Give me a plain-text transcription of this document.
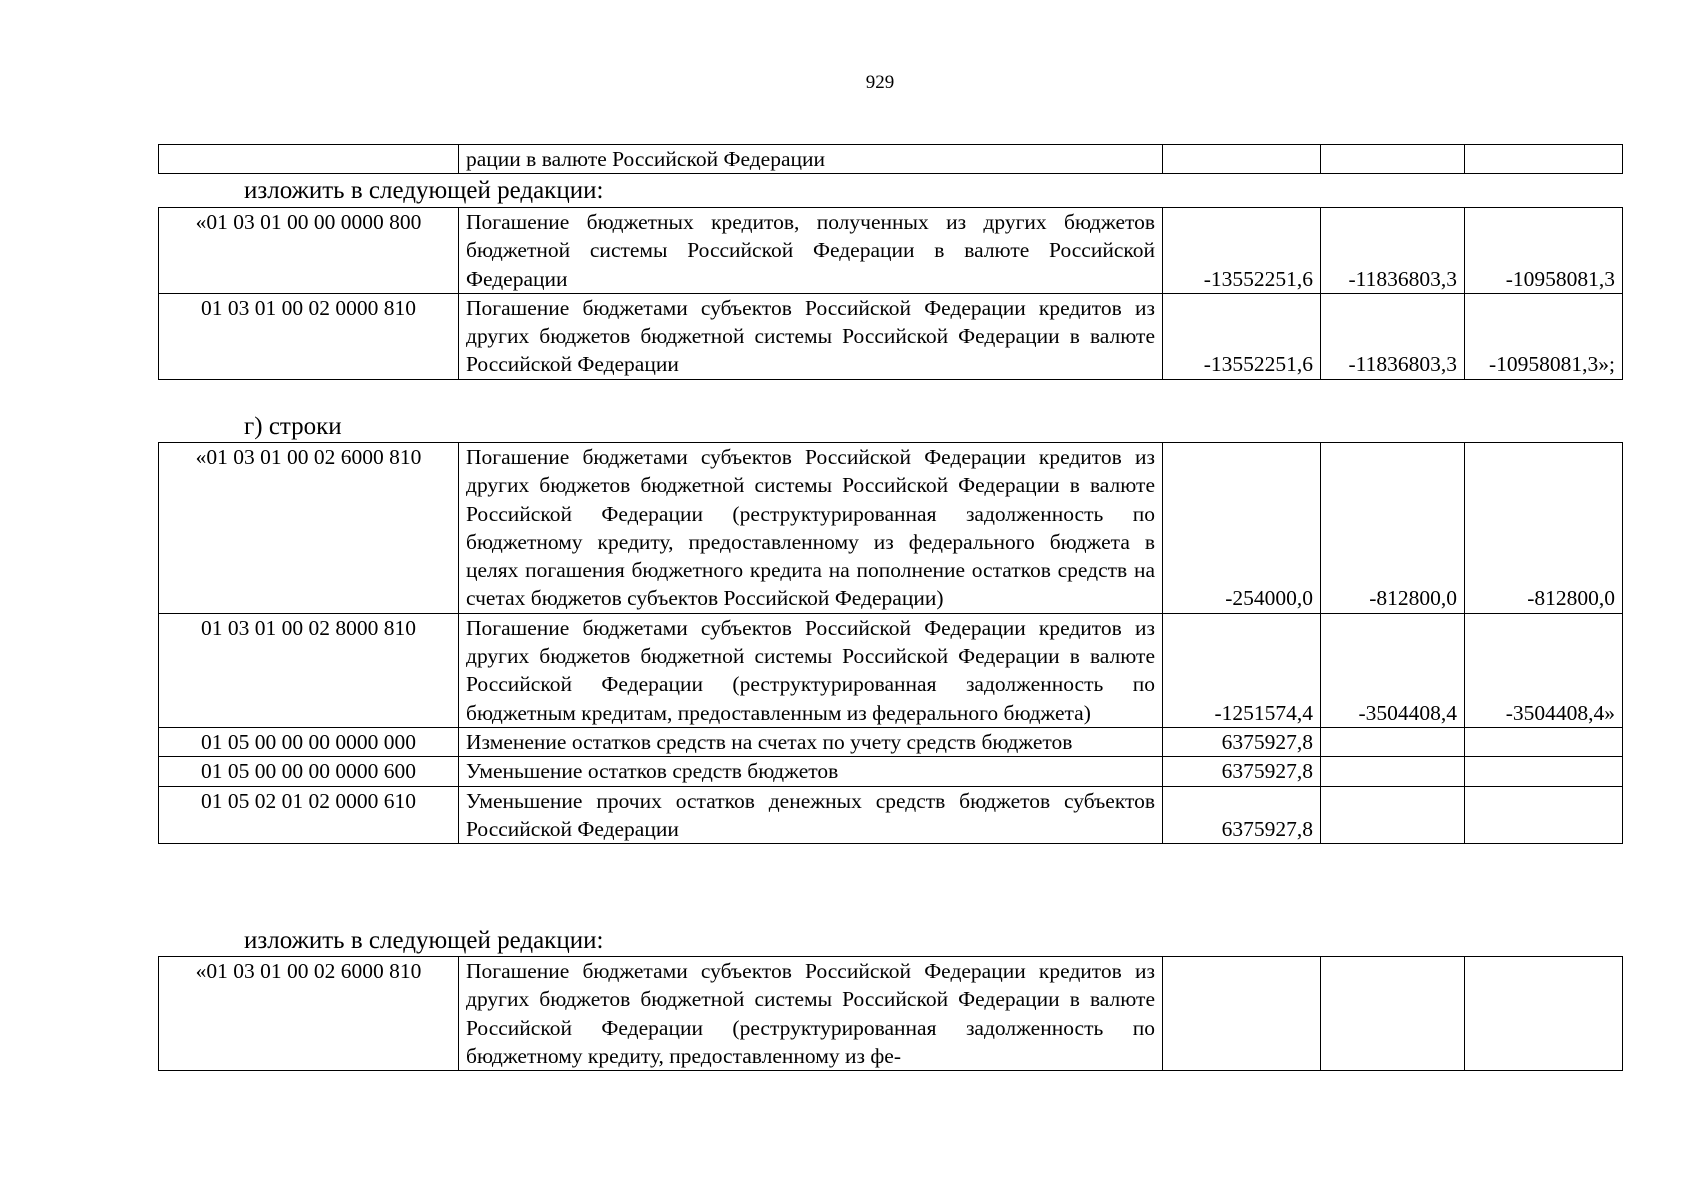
929
	рации в валюте Российской Федерации			
изложить в следующей редакции:
«01 03 01 00 00 0000 800	Погашение бюджетных кредитов, полученных из других бюджетов бюджетной системы Российской Федерации в валюте Российской Федерации	-13552251,6	-11836803,3	-10958081,3
01 03 01 00 02 0000 810	Погашение бюджетами субъектов Российской Федерации кредитов из других бюджетов бюджетной системы Российской Федерации в валюте Российской Федерации	-13552251,6	-11836803,3	-10958081,3»;
г) строки
«01 03 01 00 02 6000 810	Погашение бюджетами субъектов Российской Федерации кредитов из других бюджетов бюджетной системы Российской Федерации в валюте Российской Федерации (реструктурированная задолженность по бюджетному кредиту, предоставленному из федерального бюджета в целях погашения бюджетного кредита на пополнение остатков средств на счетах бюджетов субъектов Российской Федерации)	-254000,0	-812800,0	-812800,0
01 03 01 00 02 8000 810	Погашение бюджетами субъектов Российской Федерации кредитов из других бюджетов бюджетной системы Российской Федерации в валюте Российской Федерации (реструктурированная задолженность по бюджетным кредитам, предоставленным из федерального бюджета)	-1251574,4	-3504408,4	-3504408,4»
01 05 00 00 00 0000 000	Изменение остатков средств на счетах по учету средств бюджетов	6375927,8		
01 05 00 00 00 0000 600	Уменьшение остатков средств бюджетов	6375927,8		
01 05 02 01 02 0000 610	Уменьшение прочих остатков денежных средств бюджетов субъектов Российской Федерации	6375927,8		
изложить в следующей редакции:
«01 03 01 00 02 6000 810	Погашение бюджетами субъектов Российской Федерации кредитов из других бюджетов бюджетной системы Российской Федерации в валюте Российской Федерации (реструктурированная задолженность по бюджетному кредиту, предоставленному из фе-			
